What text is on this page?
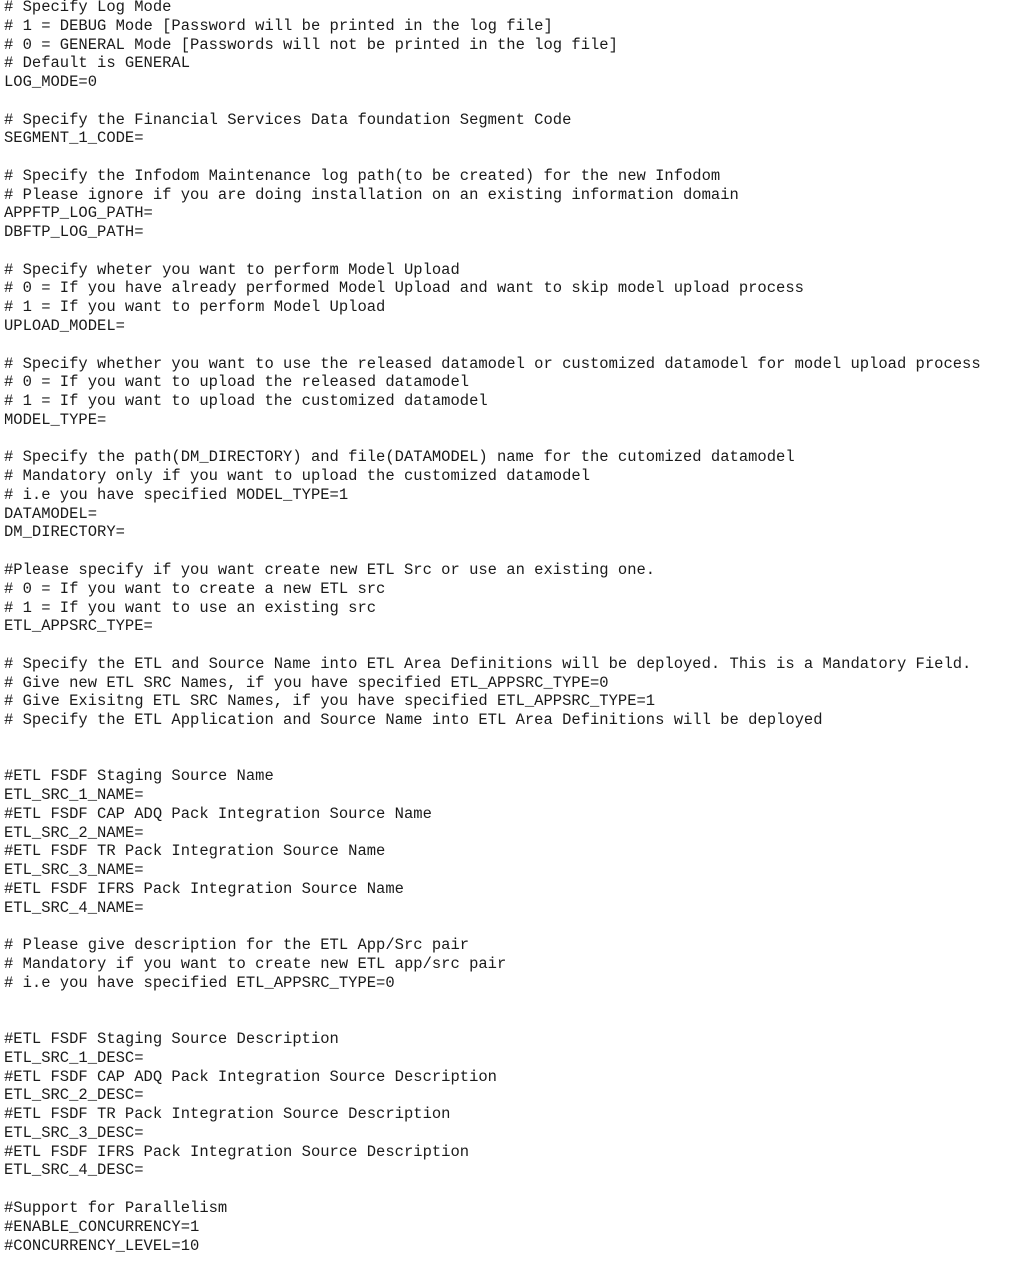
# Specify Log Mode
# 1 = DEBUG Mode [Password will be printed in the log file]
# 0 = GENERAL Mode [Passwords will not be printed in the log file]
# Default is GENERAL
LOG_MODE=0

# Specify the Financial Services Data foundation Segment Code
SEGMENT_1_CODE=

# Specify the Infodom Maintenance log path(to be created) for the new Infodom
# Please ignore if you are doing installation on an existing information domain
APPFTP_LOG_PATH=
DBFTP_LOG_PATH=

# Specify wheter you want to perform Model Upload
# 0 = If you have already performed Model Upload and want to skip model upload process
# 1 = If you want to perform Model Upload
UPLOAD_MODEL=

# Specify whether you want to use the released datamodel or customized datamodel for model upload process
# 0 = If you want to upload the released datamodel
# 1 = If you want to upload the customized datamodel
MODEL_TYPE=

# Specify the path(DM_DIRECTORY) and file(DATAMODEL) name for the cutomized datamodel
# Mandatory only if you want to upload the customized datamodel
# i.e you have specified MODEL_TYPE=1
DATAMODEL=
DM_DIRECTORY=

#Please specify if you want create new ETL Src or use an existing one.
# 0 = If you want to create a new ETL src
# 1 = If you want to use an existing src
ETL_APPSRC_TYPE=

# Specify the ETL and Source Name into ETL Area Definitions will be deployed. This is a Mandatory Field.
# Give new ETL SRC Names, if you have specified ETL_APPSRC_TYPE=0
# Give Exisitng ETL SRC Names, if you have specified ETL_APPSRC_TYPE=1
# Specify the ETL Application and Source Name into ETL Area Definitions will be deployed

#ETL FSDF Staging Source Name
ETL_SRC_1_NAME=
#ETL FSDF CAP ADQ Pack Integration Source Name
ETL_SRC_2_NAME=
#ETL FSDF TR Pack Integration Source Name
ETL_SRC_3_NAME=
#ETL FSDF IFRS Pack Integration Source Name
ETL_SRC_4_NAME=

# Please give description for the ETL App/Src pair
# Mandatory if you want to create new ETL app/src pair
# i.e you have specified ETL_APPSRC_TYPE=0

#ETL FSDF Staging Source Description
ETL_SRC_1_DESC=
#ETL FSDF CAP ADQ Pack Integration Source Description
ETL_SRC_2_DESC=
#ETL FSDF TR Pack Integration Source Description
ETL_SRC_3_DESC=
#ETL FSDF IFRS Pack Integration Source Description
ETL_SRC_4_DESC=

#Support for Parallelism
#ENABLE_CONCURRENCY=1
#CONCURRENCY_LEVEL=10
